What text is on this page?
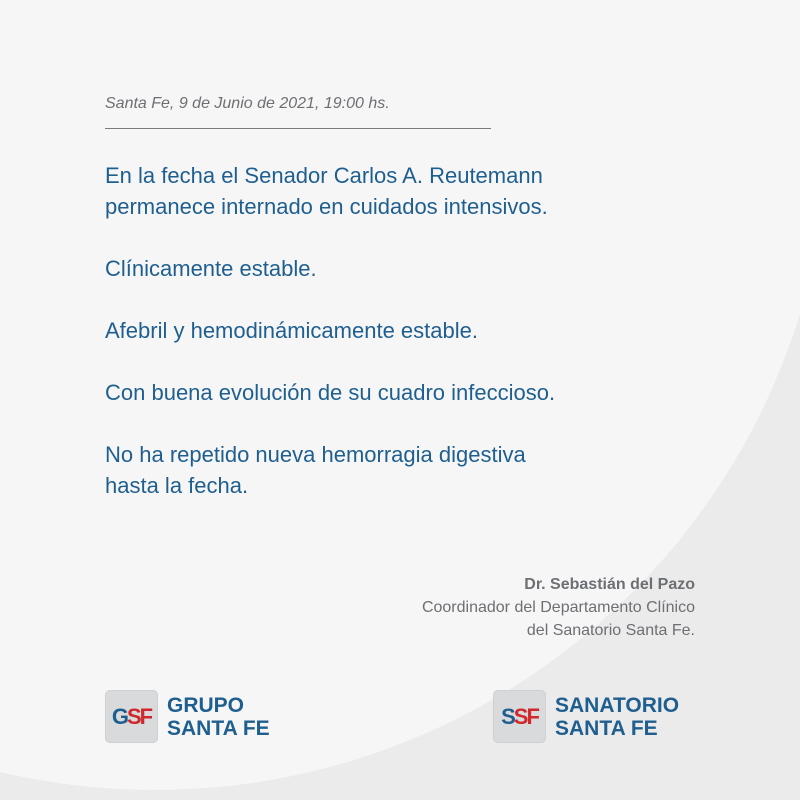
Santa Fe, 9 de Junio de 2021, 19:00 hs.

En la fecha el Senador Carlos A. Reutemann
permanece internado en cuidados intensivos.

Clínicamente estable.

Afebril y hemodinámicamente estable.

Con buena evolución de su cuadro infeccioso.

No ha repetido nueva hemorragia digestiva
hasta la fecha.

Dr. Sebastián del Pazo
Coordinador del Departamento Clínico
del Sanatorio Santa Fe.
GSF GRUPO
SANTA FE	SSF SANATORIO
SANTA FE
